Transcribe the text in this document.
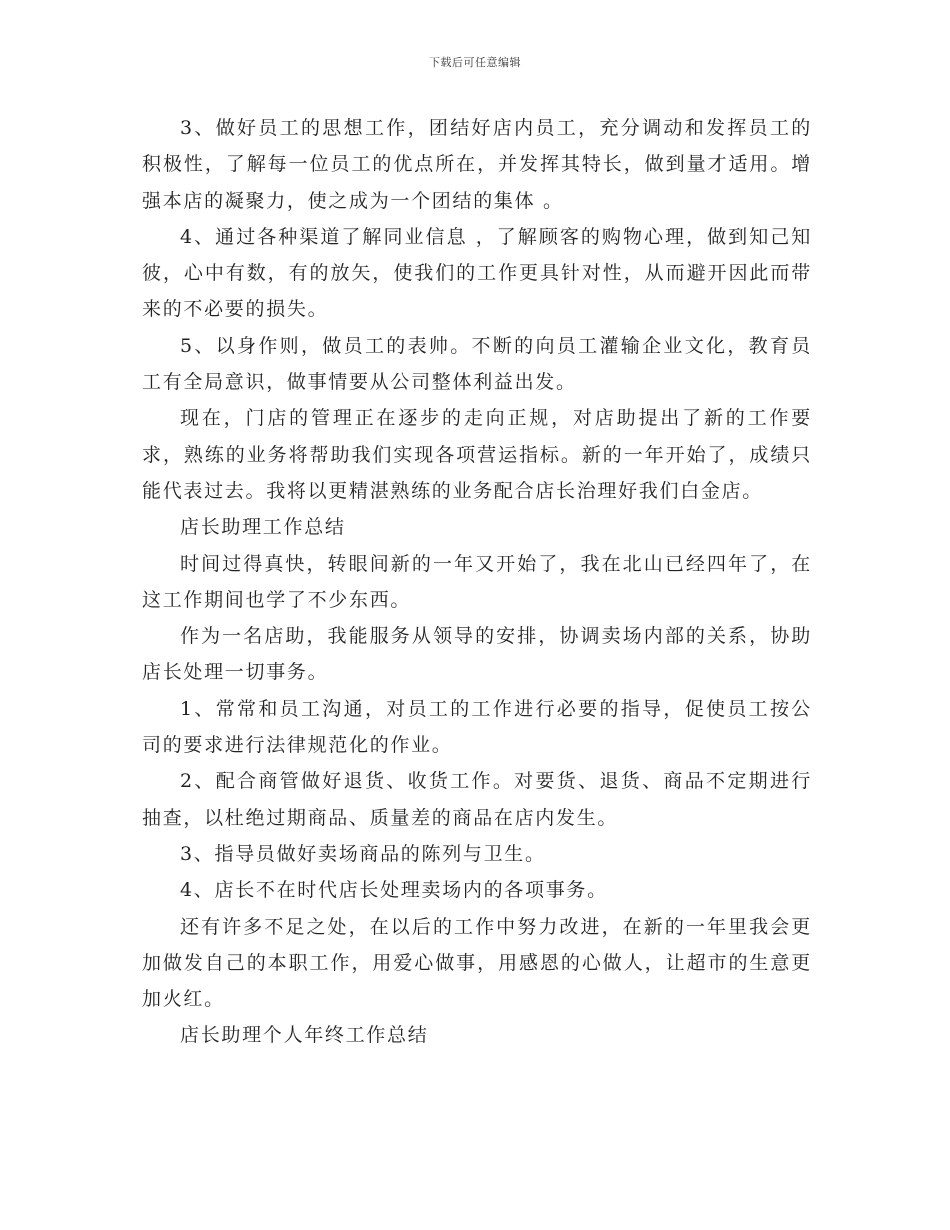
下载后可任意编辑

3、做好员工的思想工作，团结好店内员工，充分调动和发挥员工的积极性，了解每一位员工的优点所在，并发挥其特长，做到量才适用。增强本店的凝聚力，使之成为一个团结的集体 。

4、通过各种渠道了解同业信息 ，了解顾客的购物心理，做到知己知彼，心中有数，有的放矢，使我们的工作更具针对性，从而避开因此而带来的不必要的损失。

5、以身作则，做员工的表帅。不断的向员工灌输企业文化，教育员工有全局意识，做事情要从公司整体利益出发。

现在，门店的管理正在逐步的走向正规，对店助提出了新的工作要求，熟练的业务将帮助我们实现各项营运指标。新的一年开始了，成绩只能代表过去。我将以更精湛熟练的业务配合店长治理好我们白金店。

店长助理工作总结

时间过得真快，转眼间新的一年又开始了，我在北山已经四年了，在这工作期间也学了不少东西。

作为一名店助，我能服务从领导的安排，协调卖场内部的关系，协助店长处理一切事务。

1、常常和员工沟通，对员工的工作进行必要的指导，促使员工按公司的要求进行法律规范化的作业。

2、配合商管做好退货、收货工作。对要货、退货、商品不定期进行抽查，以杜绝过期商品、质量差的商品在店内发生。

3、指导员做好卖场商品的陈列与卫生。

4、店长不在时代店长处理卖场内的各项事务。

还有许多不足之处，在以后的工作中努力改进，在新的一年里我会更加做发自己的本职工作，用爱心做事，用感恩的心做人，让超市的生意更加火红。

店长助理个人年终工作总结
